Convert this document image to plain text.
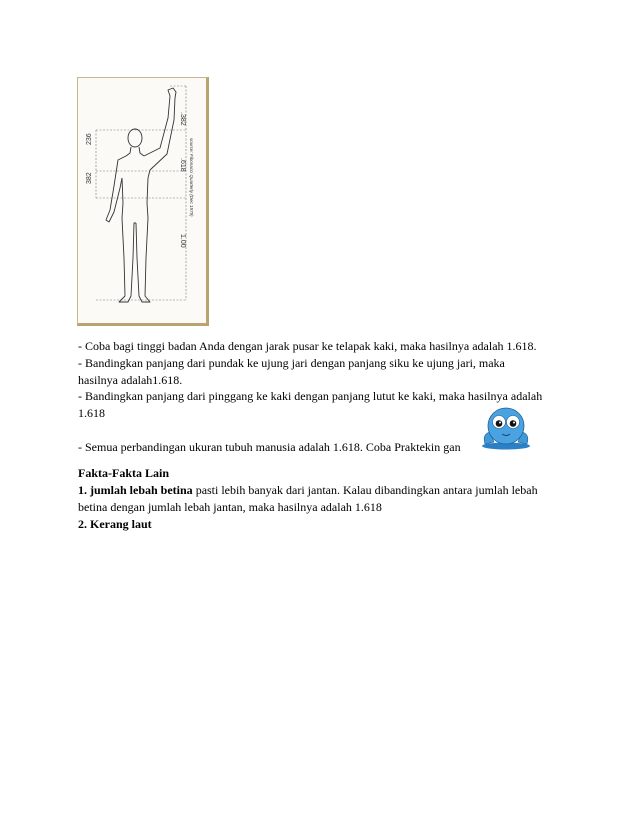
382
236
.382
.618
1.00
source: Fibonacci Quarterly (Dec 1979)
- Coba bagi tinggi badan Anda dengan jarak pusar ke telapak kaki, maka hasilnya adalah 1.618.
- Bandingkan panjang dari pundak ke ujung jari dengan panjang siku ke ujung jari, maka
hasilnya adalah1.618.
- Bandingkan panjang dari pinggang ke kaki dengan panjang lutut ke kaki, maka hasilnya adalah
1.618
- Semua perbandingan ukuran tubuh manusia adalah 1.618. Coba Praktekin gan
Fakta-Fakta Lain
1. jumlah lebah betina pasti lebih banyak dari jantan. Kalau dibandingkan antara jumlah lebah
betina dengan jumlah lebah jantan, maka hasilnya adalah 1.618
2. Kerang laut
